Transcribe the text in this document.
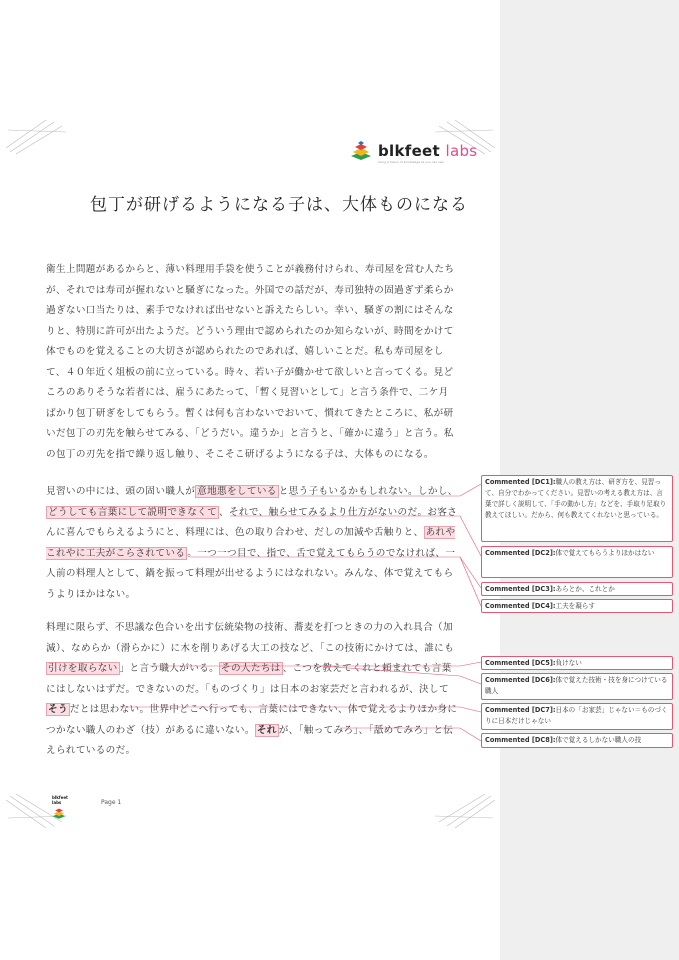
blkfeet labs
living a fusion of knowledge as you can own
包丁が研げるようになる子は、大体ものになる
衛生上問題があるからと、薄い料理用手袋を使うことが義務付けられ、寿司屋を営む人たちが、それでは寿司が握れないと騒ぎになった。外国での話だが、寿司独特の固過ぎず柔らか過ぎない口当たりは、素手でなければ出せないと訴えたらしい。幸い、騒ぎの割にはそんなりと、特別に許可が出たようだ。どういう理由で認められたのか知らないが、時間をかけて体でものを覚えることの大切さが認められたのであれば、嬉しいことだ。私も寿司屋をして、４０年近く俎板の前に立っている。時々、若い子が働かせて欲しいと言ってくる。見どころのありそうな若者には、雇うにあたって、「暫く見習いとして」と言う条件で、二ケ月ばかり包丁研ぎをしてもらう。暫くは何も言わないでおいて、慣れてきたところに、私が研いだ包丁の刃先を触らせてみる、「どうだい。違うか」と言うと、「確かに違う」と言う。私の包丁の刃先を指で繰り返し触り、そこそこ研げるようになる子は、大体ものになる。
見習いの中には、頭の固い職人が 意地悪をしている と思う子もいるかもしれない。しかし、どうしても言葉にして説明できなくて 、それで、触らせてみるより仕方がないのだ。お客さんに喜んでもらえるようにと、料理には、色の取り合わせ、だしの加減や舌触りと、 あれやこれやに工夫がこらされている 。一つ一つ目で、指で、舌で覚えてもらうのでなければ、一人前の料理人として、鍋を振って料理が出せるようにはなれない。みんな、体で覚えてもらうよりほかはない。
料理に限らず、不思議な色合いを出す伝統染物の技術、蕎麦を打つときの力の入れ具合（加減）、なめらか（滑らかに）に木を削りあげる大工の技など、「この技術にかけては、誰にも引けを取らない 」と言う職人がいる。 その人たちは 、こつを教えてくれと頼まれても言葉にはしないはずだ。できないのだ。「ものづくり」は日本のお家芸だと言われるが、決してそう だとは思わない。世界中どこへ行っても、言葉にはできない、体で覚えるよりほか身につかない職人のわざ（技）があるに違いない。 それ が、「触ってみろ」、「舐めてみろ」と伝えられているのだ。
Commented [DC1]:職人の教え方は、研ぎ方を、見習って、自分でわかってください。見習いの考える教え方は、言葉で詳しく説明して、「手の動かし方」などを、手取り足取り教えてほしい。だから、何も教えてくれないと思っている。
Commented [DC2]:体で覚えてもらうよりほかはない
Commented [DC3]:あらとか、これとか
Commented [DC4]:工夫を凝らす
Commented [DC5]:負けない
Commented [DC6]:体で覚えた技術・技を身につけている職人
Commented [DC7]:日本の「お家芸」じゃない＝ものづくりに日本だけじゃない
Commented [DC8]:体で覚えるしかない職人の技
blkfeet labs	Page 1
